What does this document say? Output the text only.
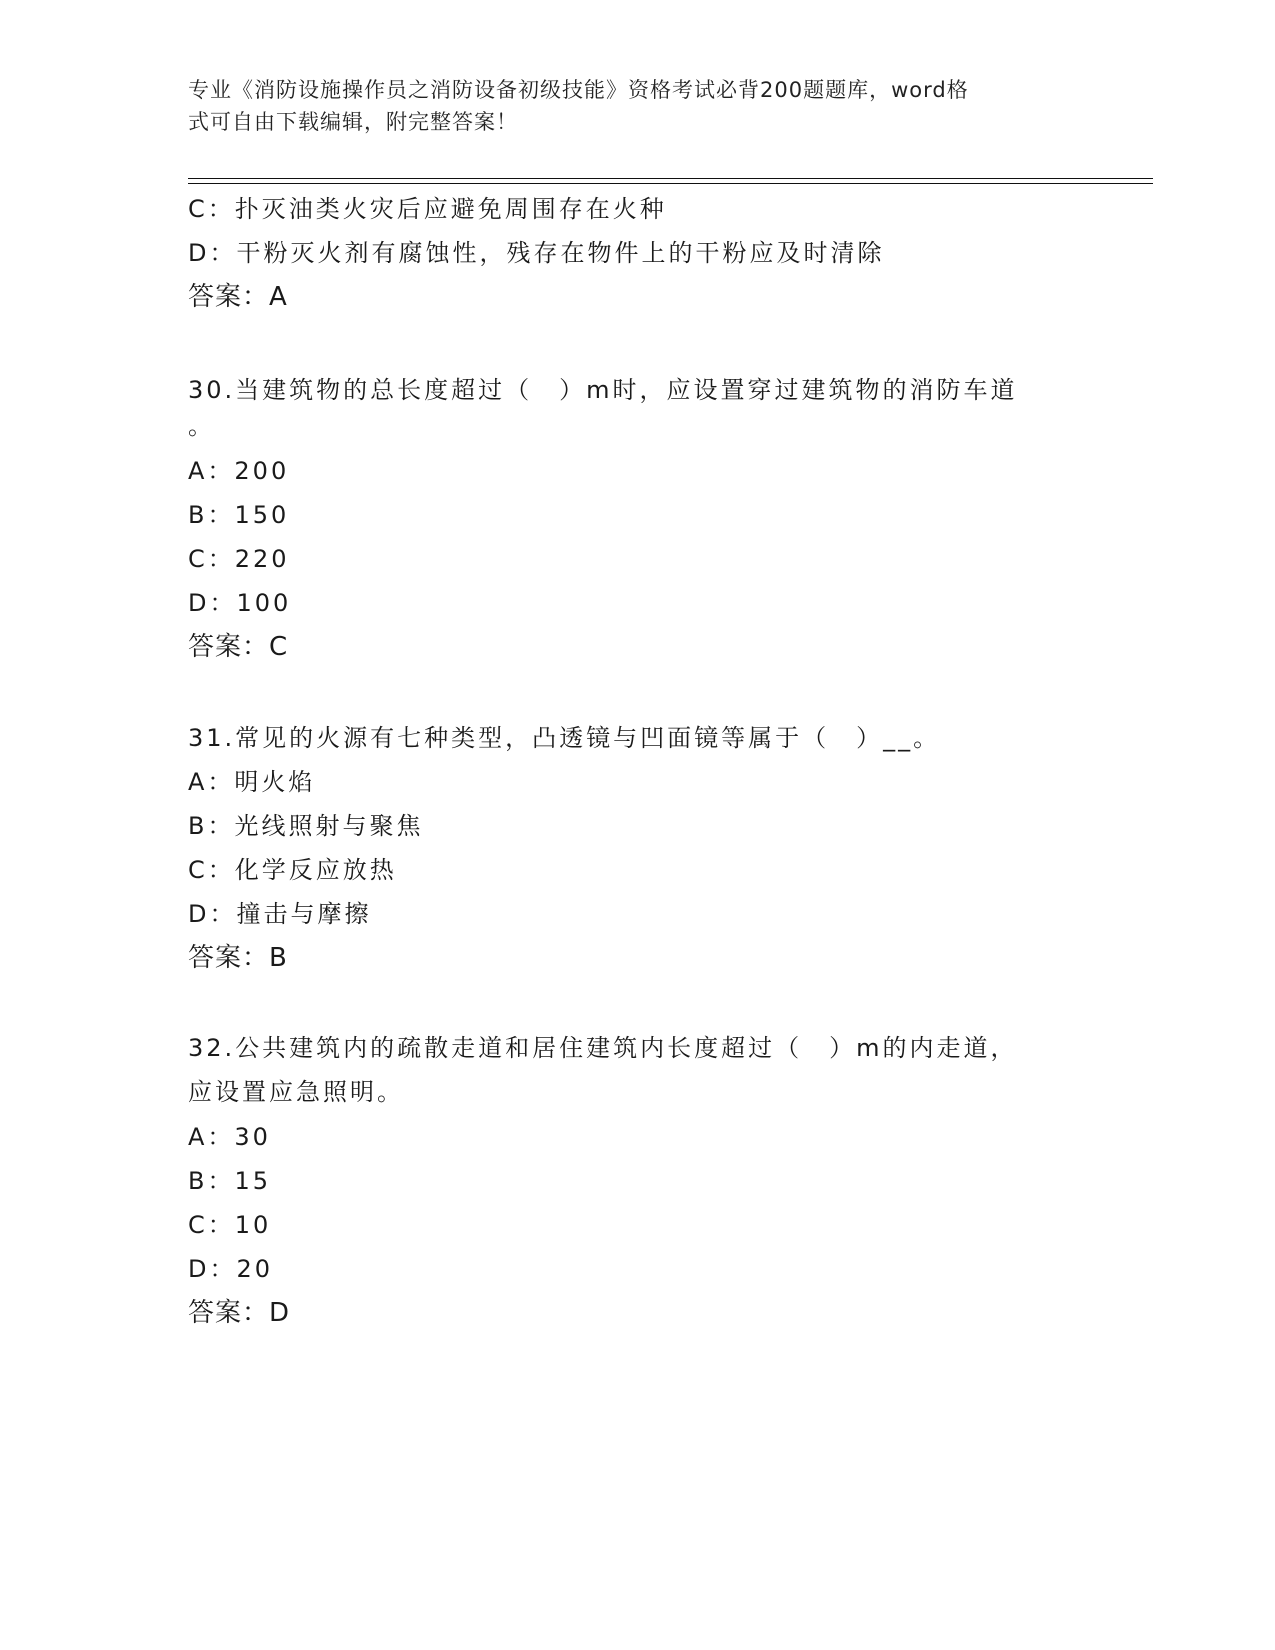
专业《消防设施操作员之消防设备初级技能》资格考试必背200题题库，word格
式可自由下载编辑，附完整答案！
C：扑灭油类火灾后应避免周围存在火种
D：干粉灭火剂有腐蚀性，残存在物件上的干粉应及时清除
答案：A
30.当建筑物的总长度超过（　）m时，应设置穿过建筑物的消防车道
。
A：200
B：150
C：220
D：100
答案：C
31.常见的火源有七种类型，凸透镜与凹面镜等属于（　）__。
A：明火焰
B：光线照射与聚焦
C：化学反应放热
D：撞击与摩擦
答案：B
32.公共建筑内的疏散走道和居住建筑内长度超过（　）m的内走道，
应设置应急照明。
A：30
B：15
C：10
D：20
答案：D
